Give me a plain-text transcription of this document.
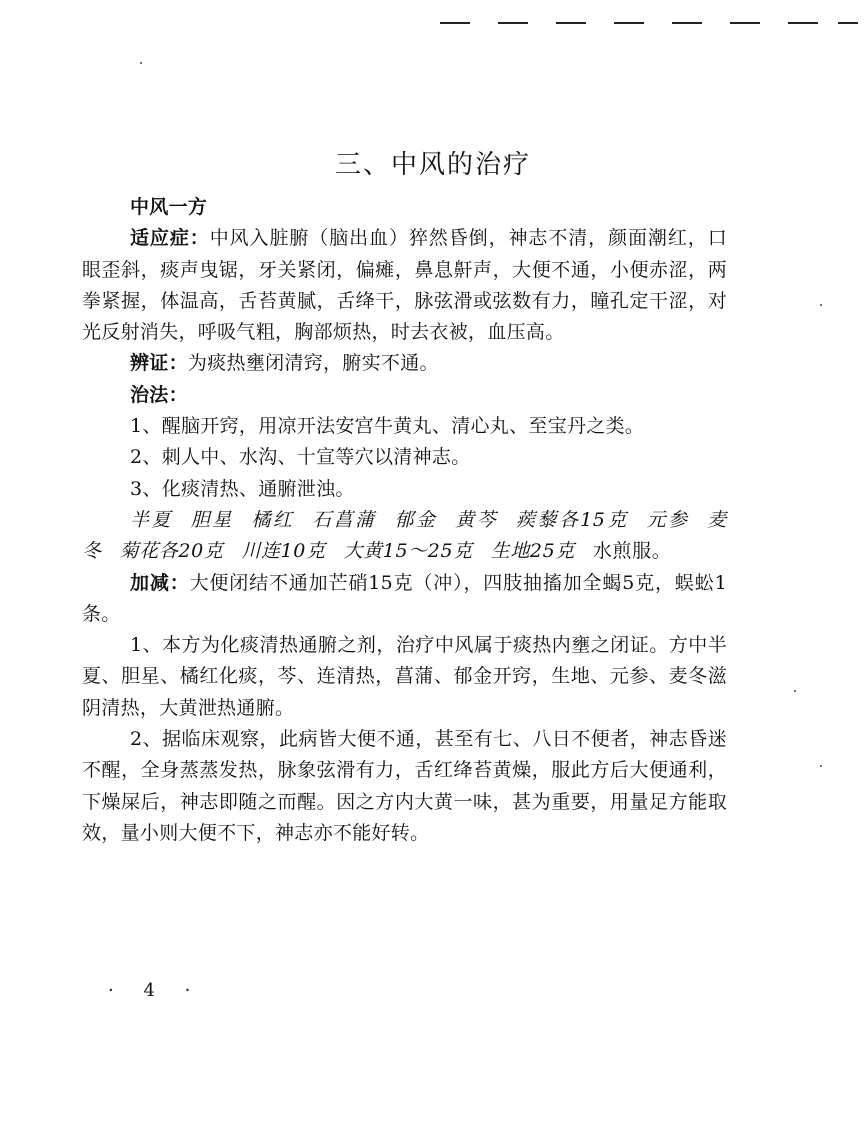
三、中风的治疗

中风一方

适应症：中风入脏腑（脑出血）猝然昏倒，神志不清，颜面潮红，口眼歪斜，痰声曳锯，牙关紧闭，偏瘫，鼻息鼾声，大便不通，小便赤涩，两拳紧握，体温高，舌苔黄腻，舌绛干，脉弦滑或弦数有力，瞳孔定干涩，对光反射消失，呼吸气粗，胸部烦热，时去衣被，血压高。

辨证：为痰热壅闭清窍，腑实不通。

治法：

1、醒脑开窍，用凉开法安宫牛黄丸、清心丸、至宝丹之类。

2、刺人中、水沟、十宣等穴以清神志。

3、化痰清热、通腑泄浊。

半夏 胆星 橘红 石菖蒲 郁金 黄芩 蒺藜各15克 元参 麦冬 菊花各20克 川连10克 大黄15～25克 生地25克 水煎服。

加减：大便闭结不通加芒硝15克（冲），四肢抽搐加全蝎5克，蜈蚣1条。

1、本方为化痰清热通腑之剂，治疗中风属于痰热内壅之闭证。方中半夏、胆星、橘红化痰，芩、连清热，菖蒲、郁金开窍，生地、元参、麦冬滋阴清热，大黄泄热通腑。

2、据临床观察，此病皆大便不通，甚至有七、八日不便者，神志昏迷不醒，全身蒸蒸发热，脉象弦滑有力，舌红绛苔黄燥，服此方后大便通利，下燥屎后，神志即随之而醒。因之方内大黄一味，甚为重要，用量足方能取效，量小则大便不下，神志亦不能好转。

· 4 ·
